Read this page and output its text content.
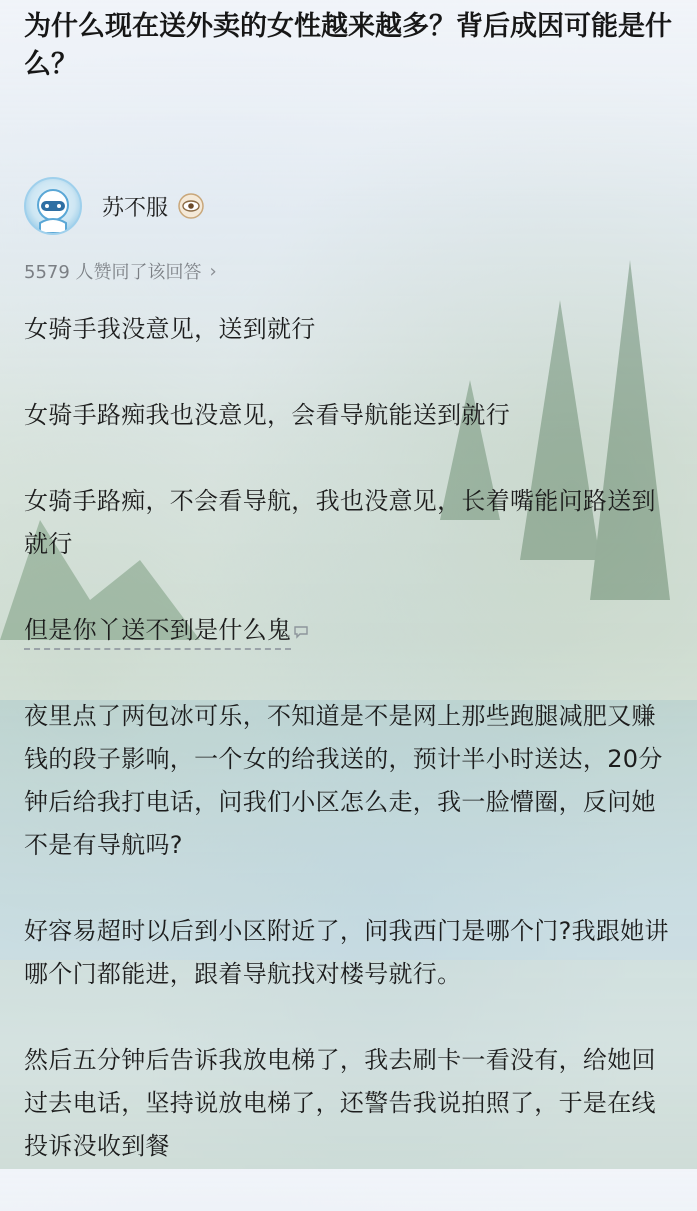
为什么现在送外卖的女性越来越多？背后成因可能是什么？
苏不服
5579 人赞同了该回答 ›

女骑手我没意见，送到就行

女骑手路痴我也没意见，会看导航能送到就行

女骑手路痴，不会看导航，我也没意见，长着嘴能问路送到就行

但是你丫送不到是什么鬼

夜里点了两包冰可乐，不知道是不是网上那些跑腿减肥又赚钱的段子影响，一个女的给我送的，预计半小时送达，20分钟后给我打电话，问我们小区怎么走，我一脸懵圈，反问她不是有导航吗?

好容易超时以后到小区附近了，问我西门是哪个门?我跟她讲哪个门都能进，跟着导航找对楼号就行。

然后五分钟后告诉我放电梯了，我去刷卡一看没有，给她回过去电话，坚持说放电梯了，还警告我说拍照了，于是在线投诉没收到餐
